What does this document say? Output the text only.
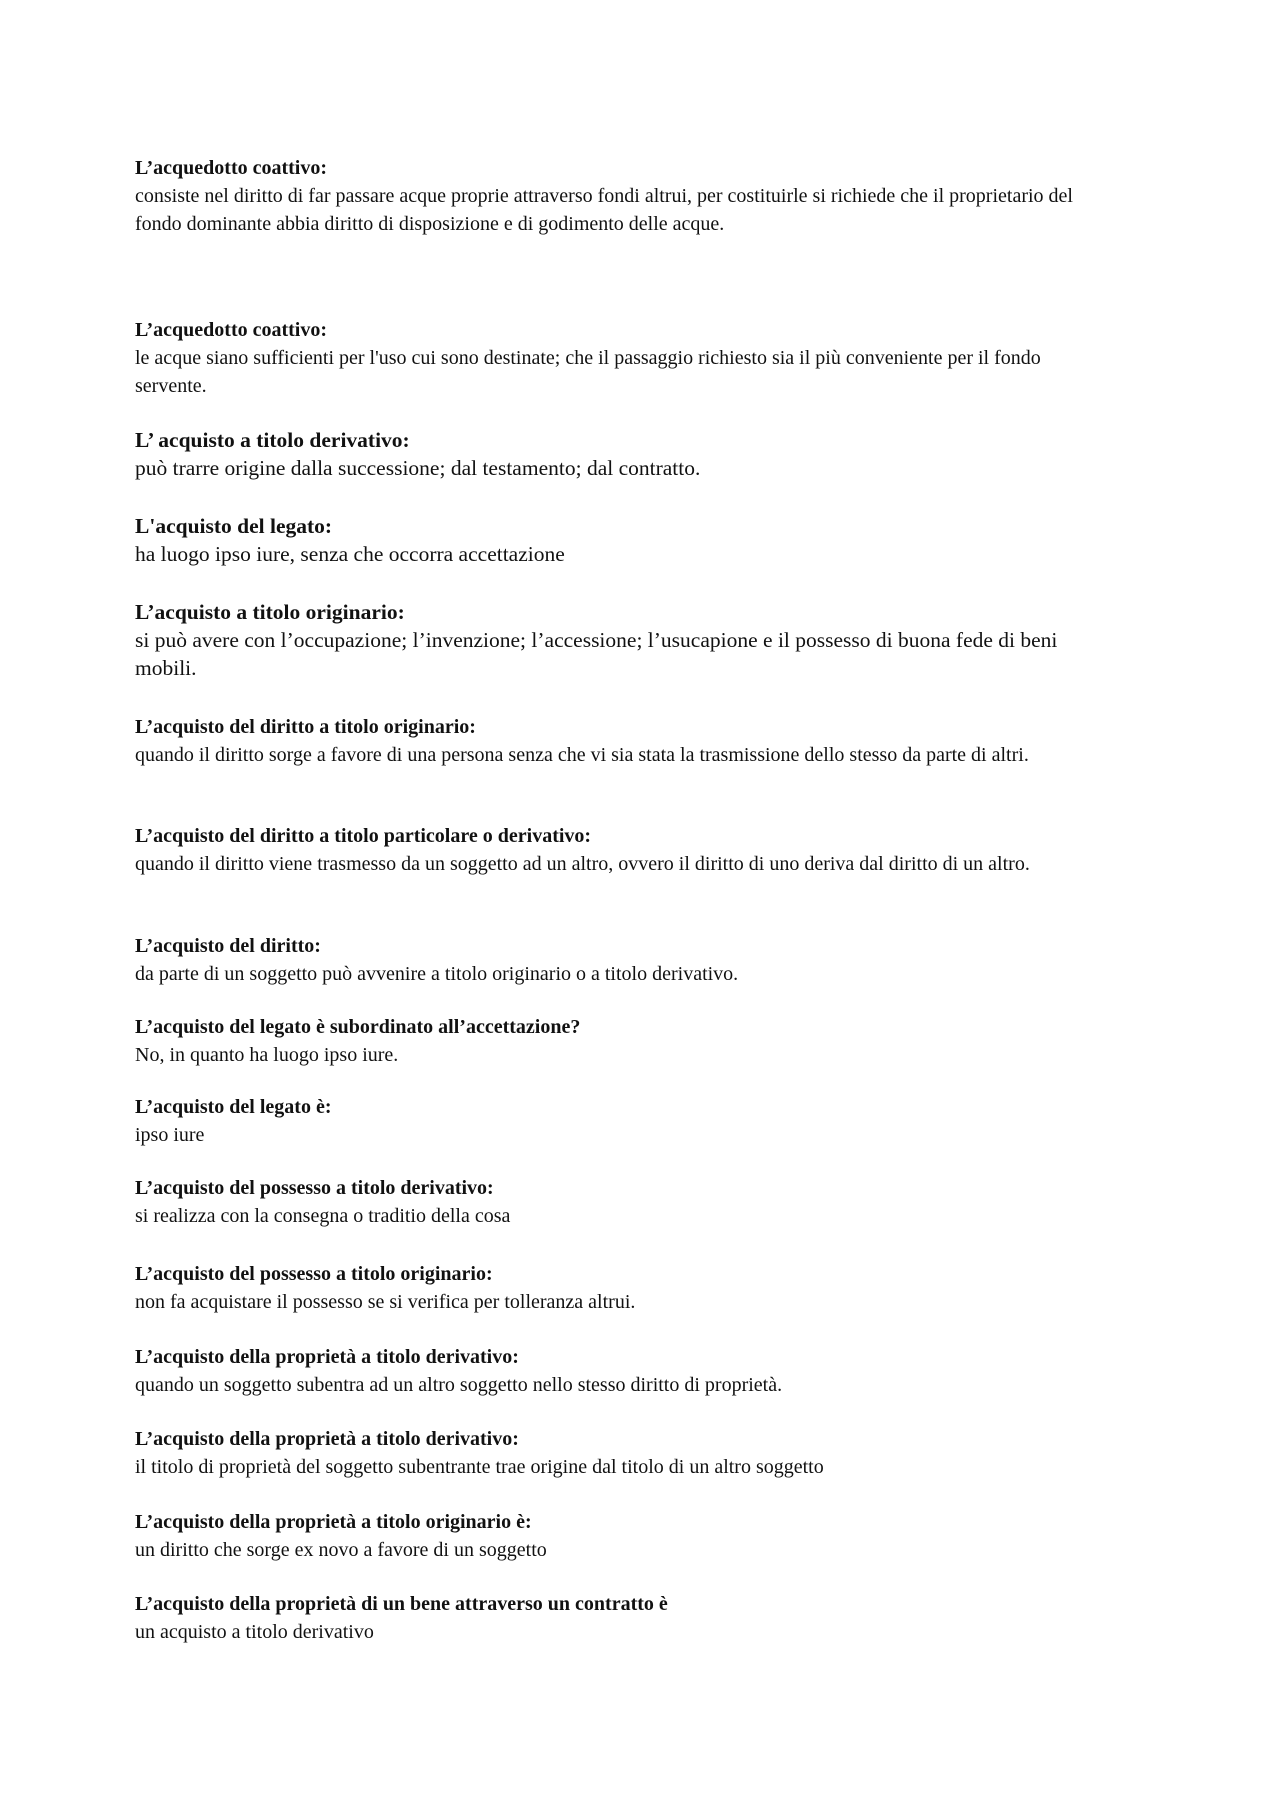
L’acquedotto coattivo:

consiste nel diritto di far passare acque proprie attraverso fondi altrui, per costituirle si richiede che il proprietario del fondo dominante abbia diritto di disposizione e di godimento delle acque.

L’acquedotto coattivo:

le acque siano sufficienti per l'uso cui sono destinate; che il passaggio richiesto sia il più conveniente per il fondo servente.

L’ acquisto a titolo derivativo:

può trarre origine dalla successione; dal testamento; dal contratto.

L'acquisto del legato:

ha luogo ipso iure, senza che occorra accettazione

L’acquisto a titolo originario:

si può avere con l’occupazione; l’invenzione; l’accessione; l’usucapione e il possesso di buona fede di beni mobili.

L’acquisto del diritto a titolo originario:

quando il diritto sorge a favore di una persona senza che vi sia stata la trasmissione dello stesso da parte di altri.

L’acquisto del diritto a titolo particolare o derivativo:

quando il diritto viene trasmesso da un soggetto ad un altro, ovvero il diritto di uno deriva dal diritto di un altro.

L’acquisto del diritto:

da parte di un soggetto può avvenire a titolo originario o a titolo derivativo.

L’acquisto del legato è subordinato all’accettazione?

No, in quanto ha luogo ipso iure.

L’acquisto del legato è:

ipso iure

L’acquisto del possesso a titolo derivativo:

si realizza con la consegna o traditio della cosa

L’acquisto del possesso a titolo originario:

non fa acquistare il possesso se si verifica per tolleranza altrui.

L’acquisto della proprietà a titolo derivativo:

quando un soggetto subentra ad un altro soggetto nello stesso diritto di proprietà.

L’acquisto della proprietà a titolo derivativo:

il titolo di proprietà del soggetto subentrante trae origine dal titolo di un altro soggetto

L’acquisto della proprietà a titolo originario è:

un diritto che sorge ex novo a favore di un soggetto

L’acquisto della proprietà di un bene attraverso un contratto è

un acquisto a titolo derivativo
